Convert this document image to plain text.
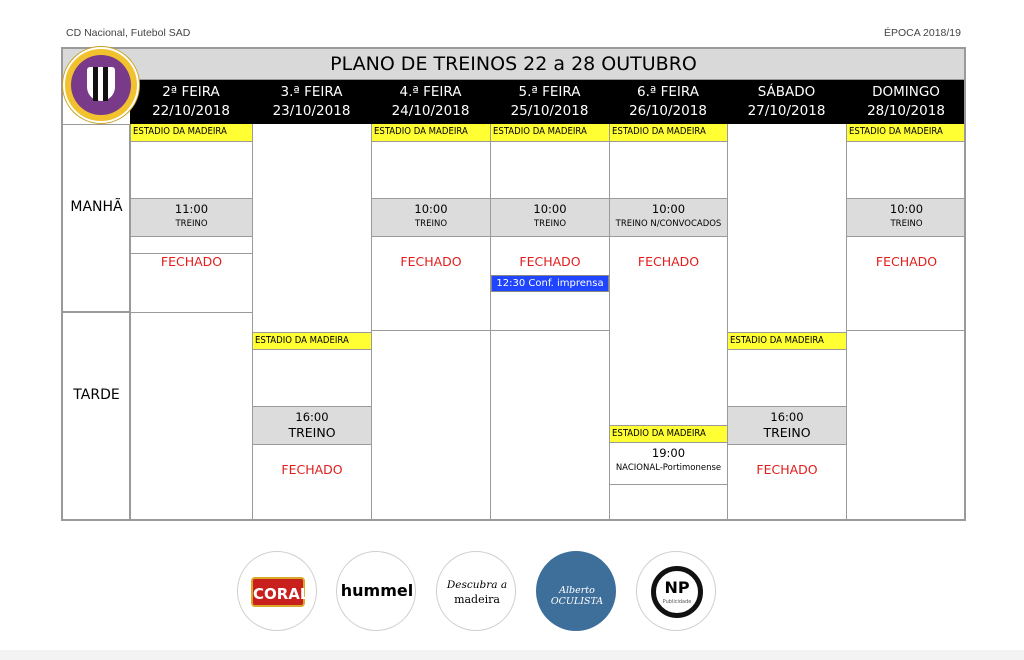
CD Nacional, Futebol SAD	ÉPOCA 2018/19
PLANO DE TREINOS 22 a 28 OUTUBRO
2ª FEIRA
22/10/2018
3.ª FEIRA
23/10/2018
4.ª FEIRA
24/10/2018
5.ª FEIRA
25/10/2018
6.ª FEIRA
26/10/2018
SÁBADO
27/10/2018
DOMINGO
28/10/2018
MANHÃ
TARDE
ESTADIO DA MADEIRA
11:00
TREINO
FECHADO
ESTADIO DA MADEIRA
16:00
TREINO
FECHADO
ESTADIO DA MADEIRA
10:00
TREINO
FECHADO
ESTADIO DA MADEIRA
10:00
TREINO
FECHADO
12:30 Conf. imprensa
ESTADIO DA MADEIRA
10:00
TREINO N/CONVOCADOS
FECHADO
ESTADIO DA MADEIRA
19:00
NACIONAL-Portimonense
ESTADIO DA MADEIRA
16:00
TREINO
FECHADO
ESTADIO DA MADEIRA
10:00
TREINO
FECHADO
CORAL hummel	Descubra a
madeira
Alberto OCULISTA
NP
Publicidade
